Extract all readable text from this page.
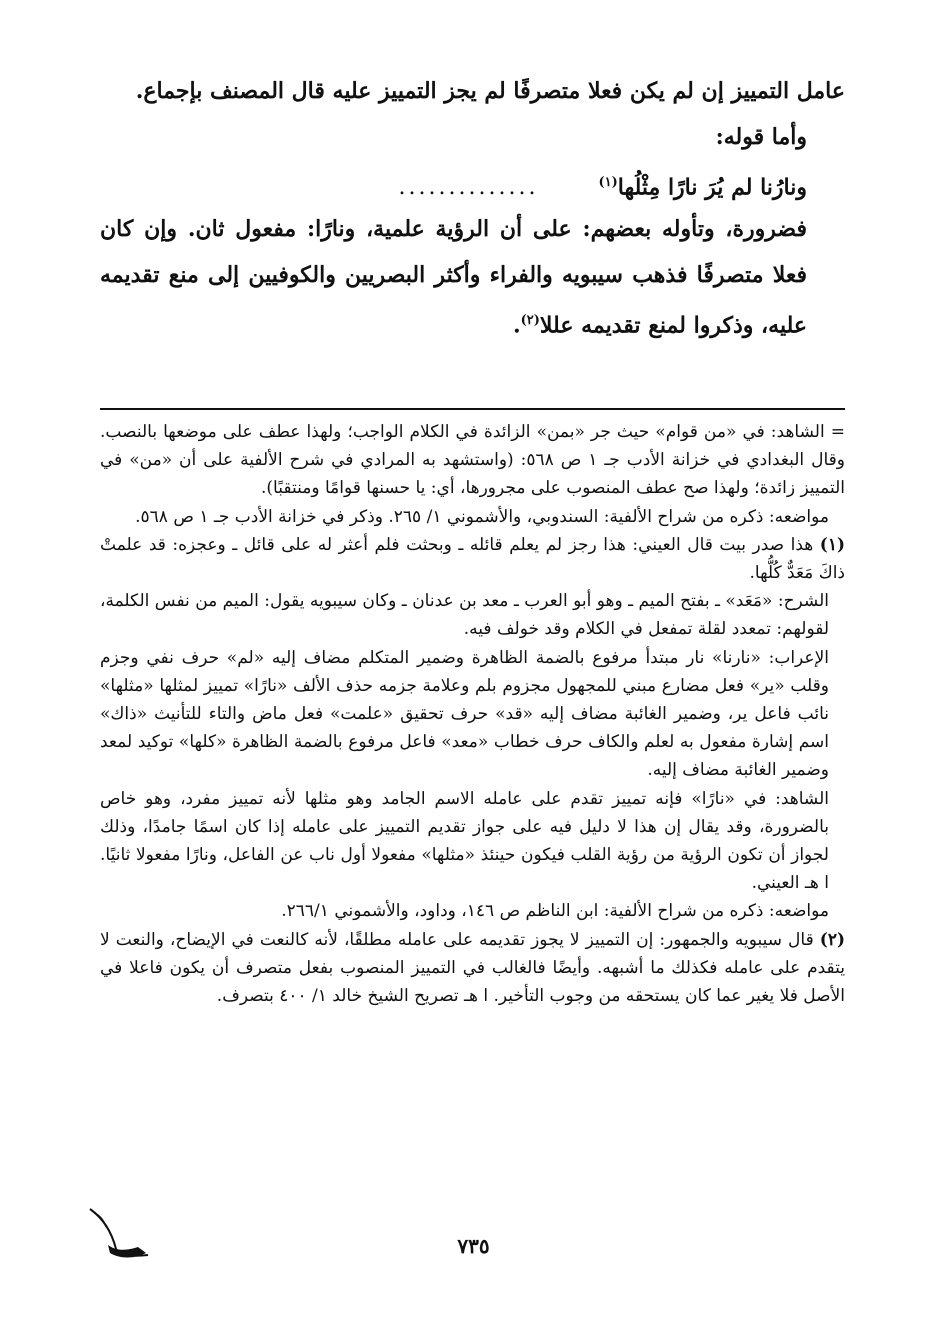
عامل التمييز إن لم يكن فعلا متصرفًا لم يجز التمييز عليه قال المصنف بإجماع.

وأما قوله:

ونارُنا لم يُرَ نارًا مِثْلُها$^{(١)}$
..............

فضرورة، وتأوله بعضهم: على أن الرؤية علمية، ونارًا: مفعول ثان. وإن كان فعلا متصرفًا فذهب سيبويه والفراء وأكثر البصريين والكوفيين إلى منع تقديمه عليه، وذكروا لمنع تقديمه عللا$^{(٢)}$.

= الشاهد: في «من قوام» حيث جر «بمن» الزائدة في الكلام الواجب؛ ولهذا عطف على موضعها بالنصب. وقال البغدادي في خزانة الأدب جـ ١ ص ٥٦٨: (واستشهد به المرادي في شرح الألفية على أن «من» في التمييز زائدة؛ ولهذا صح عطف المنصوب على مجرورها، أي: يا حسنها قوامًا ومنتقبًا).

مواضعه: ذكره من شراح الألفية: السندوبي، والأشموني ١/ ٢٦٥. وذكر في خزانة الأدب جـ ١ ص ٥٦٨.

(١) هذا صدر بيت قال العيني: هذا رجز لم يعلم قائله ـ وبحثت فلم أعثر له على قائل ـ وعجزه: قد علمتْ ذاكَ مَعَدٌّ كُلُّها.

الشرح: «مَعَد» ـ بفتح الميم ـ وهو أبو العرب ـ معد بن عدنان ـ وكان سيبويه يقول: الميم من نفس الكلمة، لقولهم: تمعدد لقلة تمفعل في الكلام وقد خولف فيه.

الإعراب: «نارنا» نار مبتدأ مرفوع بالضمة الظاهرة وضمير المتكلم مضاف إليه «لم» حرف نفي وجزم وقلب «ير» فعل مضارع مبني للمجهول مجزوم بلم وعلامة جزمه حذف الألف «نارًا» تمييز لمثلها «مثلها» نائب فاعل ير، وضمير الغائبة مضاف إليه «قد» حرف تحقيق «علمت» فعل ماض والتاء للتأنيث «ذاك» اسم إشارة مفعول به لعلم والكاف حرف خطاب «معد» فاعل مرفوع بالضمة الظاهرة «كلها» توكيد لمعد وضمير الغائبة مضاف إليه.

الشاهد: في «نارًا» فإنه تمييز تقدم على عامله الاسم الجامد وهو مثلها لأنه تمييز مفرد، وهو خاص بالضرورة، وقد يقال إن هذا لا دليل فيه على جواز تقديم التمييز على عامله إذا كان اسمًا جامدًا، وذلك لجواز أن تكون الرؤية من رؤية القلب فيكون حينئذ «مثلها» مفعولا أول ناب عن الفاعل، ونارًا مفعولا ثانيًا. ا هـ العيني.

مواضعه: ذكره من شراح الألفية: ابن الناظم ص ١٤٦، وداود، والأشموني ٢٦٦/١.

(٢) قال سيبويه والجمهور: إن التمييز لا يجوز تقديمه على عامله مطلقًا، لأنه كالنعت في الإيضاح، والنعت لا يتقدم على عامله فكذلك ما أشبهه. وأيضًا فالغالب في التمييز المنصوب بفعل متصرف أن يكون فاعلا في الأصل فلا يغير عما كان يستحقه من وجوب التأخير. ا هـ تصريح الشيخ خالد ١/ ٤٠٠ بتصرف.

٧٣٥
